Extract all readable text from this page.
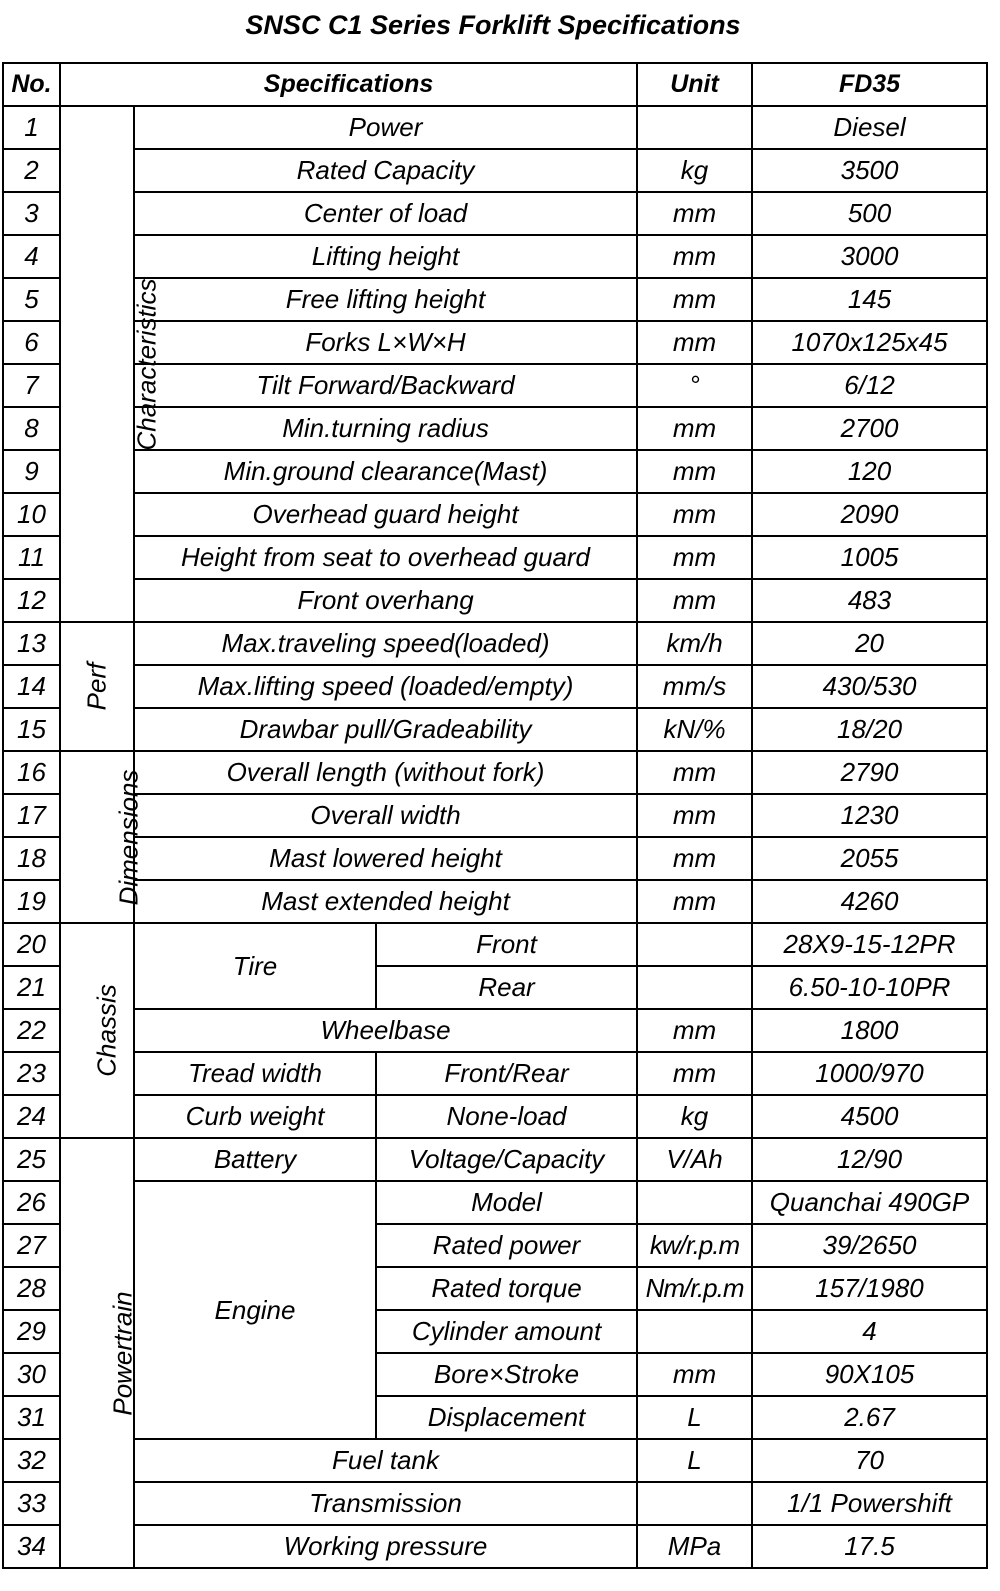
SNSC C1 Series Forklift Specifications
No.	Specifications			Unit	FD35
1	Characteristics	Power			Diesel
2		Rated Capacity		kg	3500
3		Center of load		mm	500
4		Lifting height		mm	3000
5		Free lifting height		mm	145
6		Forks L×W×H		mm	1070x125x45
7		Tilt Forward/Backward		°	6/12
8		Min.turning radius		mm	2700
9		Min.ground clearance(Mast)		mm	120
10		Overhead guard height		mm	2090
11		Height from seat to overhead guard		mm	1005
12		Front overhang		mm	483
13	Perf	Max.traveling speed(loaded)		km/h	20
14		Max.lifting speed (loaded/empty)		mm/s	430/530
15		Drawbar pull/Gradeability		kN/%	18/20
16	Dimensions	Overall length (without fork)		mm	2790
17		Overall width		mm	1230
18		Mast lowered height		mm	2055
19		Mast extended height		mm	4260
20	Chassis	Tire	Front		28X9-15-12PR
21			Rear		6.50-10-10PR
22		Wheelbase		mm	1800
23		Tread width	Front/Rear	mm	1000/970
24		Curb weight	None-load	kg	4500
25	Powertrain	Battery	Voltage/Capacity	V/Ah	12/90
26		Engine	Model		Quanchai 490GP
27			Rated power	kw/r.p.m	39/2650
28			Rated torque	Nm/r.p.m	157/1980
29			Cylinder amount		4
30			Bore×Stroke	mm	90X105
31			Displacement	L	2.67
32		Fuel tank		L	70
33		Transmission			1/1 Powershift
34		Working pressure		MPa	17.5
